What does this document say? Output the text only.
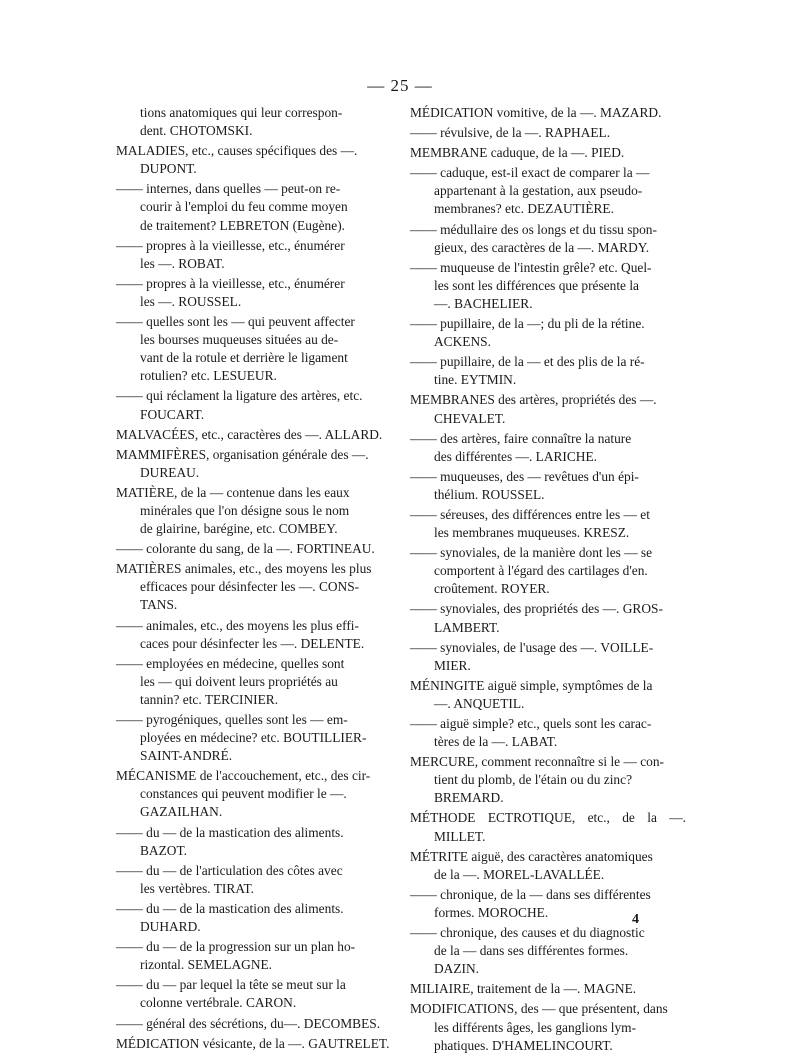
— 25 —

tions anatomiques qui leur correspon-
dent. CHOTOMSKI.

MALADIES, etc., causes spécifiques des —.
DUPONT.

—— internes, dans quelles — peut-on re-
courir à l'emploi du feu comme moyen
de traitement? LEBRETON (Eugène).

—— propres à la vieillesse, etc., énumérer
les —. ROBAT.

—— propres à la vieillesse, etc., énumérer
les —. ROUSSEL.

—— quelles sont les — qui peuvent affecter
les bourses muqueuses situées au de-
vant de la rotule et derrière le ligament
rotulien? etc. LESUEUR.

—— qui réclament la ligature des artères, etc.
FOUCART.

MALVACÉES, etc., caractères des —. ALLARD.

MAMMIFÈRES, organisation générale des —.
DUREAU.

MATIÈRE, de la — contenue dans les eaux
minérales que l'on désigne sous le nom
de glairine, barégine, etc. COMBEY.

—— colorante du sang, de la —. FORTINEAU.

MATIÈRES animales, etc., des moyens les plus
efficaces pour désinfecter les —. CONS-
TANS.

—— animales, etc., des moyens les plus effi-
caces pour désinfecter les —. DELENTE.

—— employées en médecine, quelles sont
les — qui doivent leurs propriétés au
tannin? etc. TERCINIER.

—— pyrogéniques, quelles sont les — em-
ployées en médecine? etc. BOUTILLIER-
SAINT-ANDRÉ.

MÉCANISME de l'accouchement, etc., des cir-
constances qui peuvent modifier le —.
GAZAILHAN.

—— du — de la mastication des aliments.
BAZOT.

—— du — de l'articulation des côtes avec
les vertèbres. TIRAT.

—— du — de la mastication des aliments.
DUHARD.

—— du — de la progression sur un plan ho-
rizontal. SEMELAGNE.

—— du — par lequel la tête se meut sur la
colonne vertébrale. CARON.

—— général des sécrétions, du—. DECOMBES.

MÉDICATION vésicante, de la —. GAUTRELET.

MÉDICATION vomitive, de la —. MAZARD.

—— révulsive, de la —. RAPHAEL.

MEMBRANE caduque, de la —. PIED.

—— caduque, est-il exact de comparer la —
appartenant à la gestation, aux pseudo-
membranes? etc. DEZAUTIÈRE.

—— médullaire des os longs et du tissu spon-
gieux, des caractères de la —. MARDY.

—— muqueuse de l'intestin grêle? etc. Quel-
les sont les différences que présente la
—. BACHELIER.

—— pupillaire, de la —; du pli de la rétine.
ACKENS.

—— pupillaire, de la — et des plis de la ré-
tine. EYTMIN.

MEMBRANES des artères, propriétés des —.
CHEVALET.

—— des artères, faire connaître la nature
des différentes —. LARICHE.

—— muqueuses, des — revêtues d'un épi-
thélium. ROUSSEL.

—— séreuses, des différences entre les — et
les membranes muqueuses. KRESZ.

—— synoviales, de la manière dont les — se
comportent à l'égard des cartilages d'en.
croûtement. ROYER.

—— synoviales, des propriétés des —. GROS-
LAMBERT.

—— synoviales, de l'usage des —. VOILLE-
MIER.

MÉNINGITE aiguë simple, symptômes de la
—. ANQUETIL.

—— aiguë simple? etc., quels sont les carac-
tères de la —. LABAT.

MERCURE, comment reconnaître si le — con-
tient du plomb, de l'étain ou du zinc?
BREMARD.

MÉTHODE ECTROTIQUE, etc., de la —. MILLET.

MÉTRITE aiguë, des caractères anatomiques
de la —. MOREL-LAVALLÉE.

—— chronique, de la — dans ses différentes
formes. MOROCHE.

—— chronique, des causes et du diagnostic
de la — dans ses différentes formes.
DAZIN.

MILIAIRE, traitement de la —. MAGNE.

MODIFICATIONS, des — que présentent, dans
les différents âges, les ganglions lym-
phatiques. D'HAMELINCOURT.

4
